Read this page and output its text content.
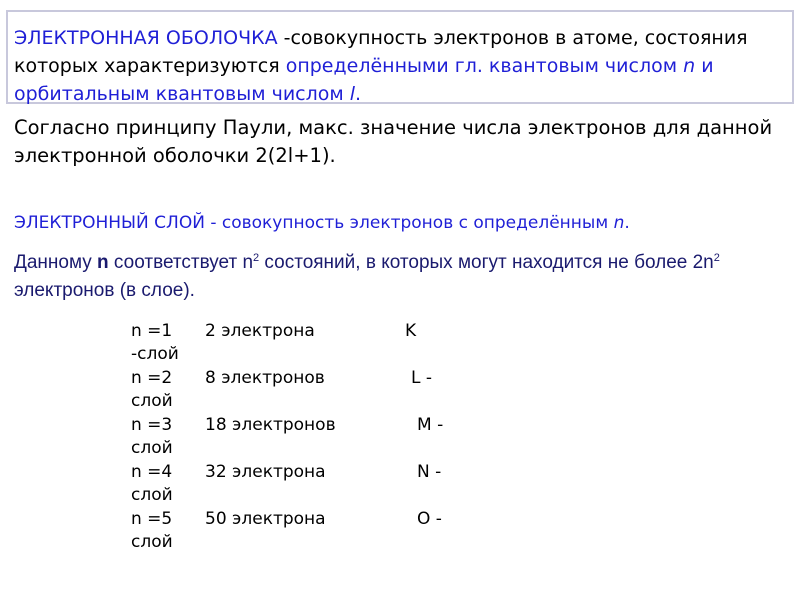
ЭЛЕКТРОННАЯ ОБОЛОЧКА -совокупность электронов в атоме, состояния которых характеризуются определёнными гл. квантовым числом n и орбитальным квантовым числом l.
Согласно принципу Паули, макс. значение числа электронов для данной электронной оболочки 2(2l+1).
ЭЛЕКТРОННЫЙ СЛОЙ - совокупность электронов с определённым n.
Данному n соответствует $n^2$ состояний, в которых могут находится не более $2n^2$ электронов (в слое).
n =1 2 электрона	K
-слой
n =2 8 электронов	L -
слой
n =3 18 электронов	M -
слой
n =4 32 электрона	N -
слой
n =5 50 электрона	O -
слой
